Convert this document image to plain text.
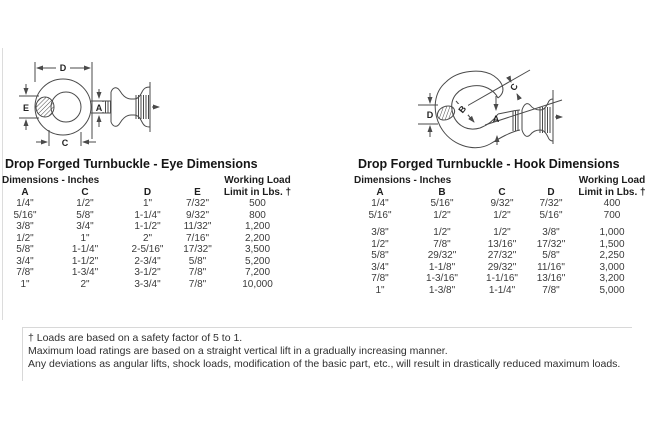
D
E	A
C
D	B
C
A
Drop Forged Turnbuckle - Eye Dimensions
Dimensions - Inches				Working Load
A	C	D	E	Limit in Lbs. †
1/4"	1/2"	1"	7/32"	500
5/16"	5/8"	1-1/4"	9/32"	800
3/8"	3/4"	1-1/2"	11/32"	1,200
1/2"	1"	2"	7/16"	2,200
5/8"	1-1/4"	2-5/16"	17/32"	3,500
3/4"	1-1/2"	2-3/4"	5/8"	5,200
7/8"	1-3/4"	3-1/2"	7/8"	7,200
1"	2"	3-3/4"	7/8"	10,000
Drop Forged Turnbuckle - Hook Dimensions
Dimensions - Inches				Working Load
A	B	C	D	Limit in Lbs. †
1/4"	5/16"	9/32"	7/32"	400
5/16"	1/2"	1/2"	5/16"	700
3/8"	1/2"	1/2"	3/8"	1,000
1/2"	7/8"	13/16"	17/32"	1,500
5/8"	29/32"	27/32"	5/8"	2,250
3/4"	1-1/8"	29/32"	11/16"	3,000
7/8"	1-3/16"	1-1/16"	13/16"	3,200
1"	1-3/8"	1-1/4"	7/8"	5,000
† Loads are based on a safety factor of 5 to 1.
Maximum load ratings are based on a straight vertical lift in a gradually increasing manner.
Any deviations as angular lifts, shock loads, modification of the basic part, etc., will result in drastically reduced maximum loads.
